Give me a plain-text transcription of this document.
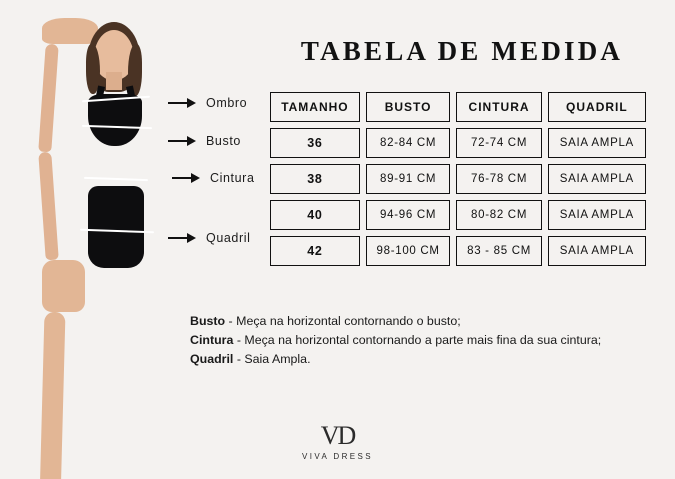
Ombro
Busto
Cintura
Quadril
TABELA DE MEDIDA
TAMANHO	BUSTO	CINTURA	QUADRIL
36	82-84 CM	72-74 CM	SAIA AMPLA
38	89-91 CM	76-78 CM	SAIA AMPLA
40	94-96 CM	80-82 CM	SAIA AMPLA
42	98-100 CM	83 - 85 CM	SAIA AMPLA
Busto - Meça na horizontal contornando o busto;
Cintura - Meça na horizontal contornando a parte mais fina da sua cintura;
Quadril - Saia Ampla.
VD
VIVA DRESS
